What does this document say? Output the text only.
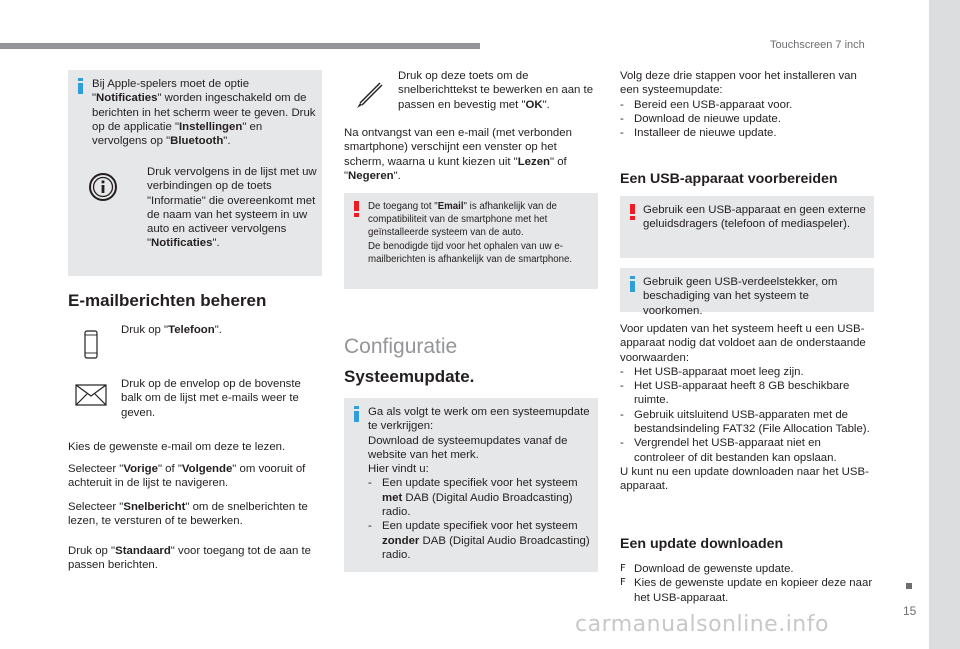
Touchscreen 7 inch
15
Bij Apple-spelers moet de optie "Notificaties" worden ingeschakeld om de berichten in het scherm weer te geven. Druk op de applicatie "Instellingen" en vervolgens op "Bluetooth".
Druk vervolgens in de lijst met uw verbindingen op de toets "Informatie" die overeenkomt met de naam van het systeem in uw auto en activeer vervolgens "Notificaties".
E-mailberichten beheren
Druk op "Telefoon".
Druk op de envelop op de bovenste balk om de lijst met e-mails weer te geven.
Kies de gewenste e-mail om deze te lezen.
Selecteer "Vorige" of "Volgende" om vooruit of achteruit in de lijst te navigeren.
Selecteer "Snelbericht" om de snelberichten te lezen, te versturen of te bewerken.
Druk op "Standaard" voor toegang tot de aan te passen berichten.
Druk op deze toets om de snelberichttekst te bewerken en aan te passen en bevestig met "OK".
Na ontvangst van een e-mail (met verbonden smartphone) verschijnt een venster op het scherm, waarna u kunt kiezen uit "Lezen" of "Negeren".
De toegang tot "Email" is afhankelijk van de compatibiliteit van de smartphone met het geïnstalleerde systeem van de auto.
De benodigde tijd voor het ophalen van uw e-mailberichten is afhankelijk van de smartphone.
Configuratie
Systeemupdate.
Ga als volgt te werk om een systeemupdate te verkrijgen:
Download de systeemupdates vanaf de website van het merk.
Hier vindt u:
- Een update specifiek voor het systeem met DAB (Digital Audio Broadcasting) radio.
- Een update specifiek voor het systeem zonder DAB (Digital Audio Broadcasting) radio.
Volg deze drie stappen voor het installeren van een systeemupdate:
- Bereid een USB-apparaat voor.
- Download de nieuwe update.
- Installeer de nieuwe update.
Een USB-apparaat voorbereiden
Gebruik een USB-apparaat en geen externe geluidsdragers (telefoon of mediaspeler).
Gebruik geen USB-verdeelstekker, om beschadiging van het systeem te voorkomen.
Voor updaten van het systeem heeft u een USB-apparaat nodig dat voldoet aan de onderstaande voorwaarden:
- Het USB-apparaat moet leeg zijn.
- Het USB-apparaat heeft 8 GB beschikbare ruimte.
- Gebruik uitsluitend USB-apparaten met de bestandsindeling FAT32 (File Allocation Table).
- Vergrendel het USB-apparaat niet en controleer of dit bestanden kan opslaan.
U kunt nu een update downloaden naar het USB-apparaat.
Een update downloaden
F Download de gewenste update.
F Kies de gewenste update en kopieer deze naar het USB-apparaat.
carmanualsonline.info
